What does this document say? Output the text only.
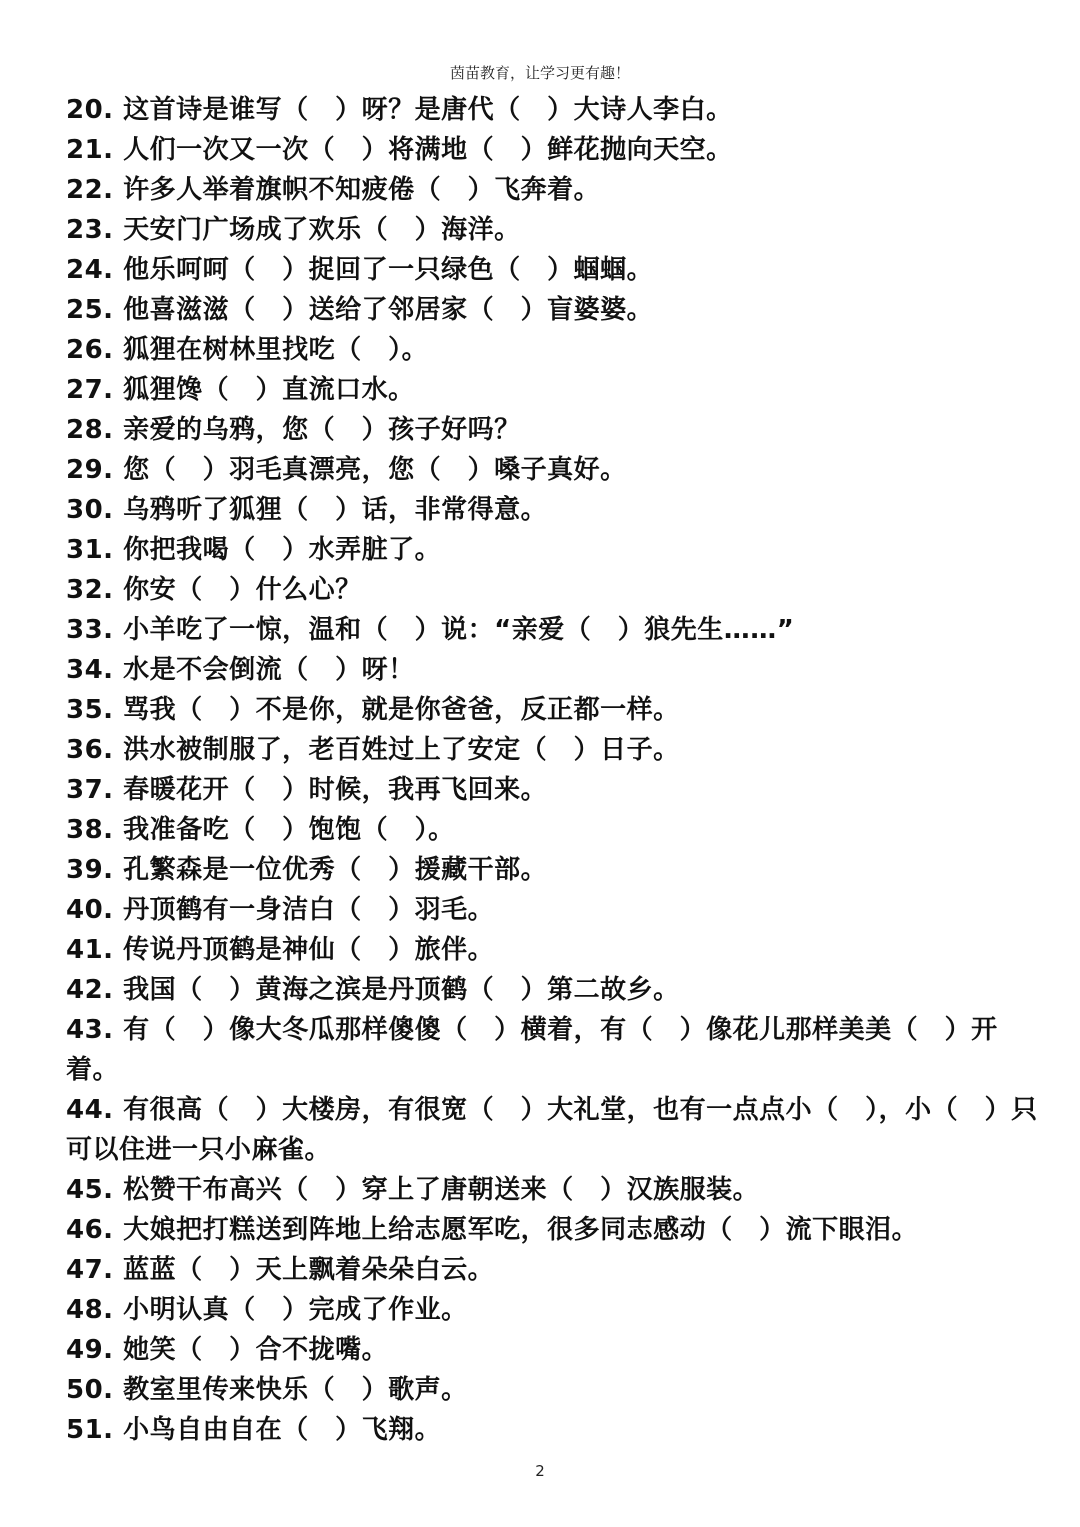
茵苗教育，让学习更有趣！
20. 这首诗是谁写（　）呀？是唐代（　）大诗人李白。
21. 人们一次又一次（　）将满地（　）鲜花抛向天空。
22. 许多人举着旗帜不知疲倦（　）飞奔着。
23. 天安门广场成了欢乐（　）海洋。
24. 他乐呵呵（　）捉回了一只绿色（　）蝈蝈。
25. 他喜滋滋（　）送给了邻居家（　）盲婆婆。
26. 狐狸在树林里找吃（　）。
27. 狐狸馋（　）直流口水。
28. 亲爱的乌鸦，您（　）孩子好吗？
29. 您（　）羽毛真漂亮，您（　）嗓子真好。
30. 乌鸦听了狐狸（　）话，非常得意。
31. 你把我喝（　）水弄脏了。
32. 你安（　）什么心？
33. 小羊吃了一惊，温和（　）说：“亲爱（　）狼先生……”
34. 水是不会倒流（　）呀！
35. 骂我（　）不是你，就是你爸爸，反正都一样。
36. 洪水被制服了，老百姓过上了安定（　）日子。
37. 春暖花开（　）时候，我再飞回来。
38. 我准备吃（　）饱饱（　）。
39. 孔繁森是一位优秀（　）援藏干部。
40. 丹顶鹤有一身洁白（　）羽毛。
41. 传说丹顶鹤是神仙（　）旅伴。
42. 我国（　）黄海之滨是丹顶鹤（　）第二故乡。
43. 有（　）像大冬瓜那样傻傻（　）横着，有（　）像花儿那样美美（　）开着。
44. 有很高（　）大楼房，有很宽（　）大礼堂，也有一点点小（　），小（　）只可以住进一只小麻雀。
45. 松赞干布高兴（　）穿上了唐朝送来（　）汉族服装。
46. 大娘把打糕送到阵地上给志愿军吃，很多同志感动（　）流下眼泪。
47. 蓝蓝（　）天上飘着朵朵白云。
48. 小明认真（　）完成了作业。
49. 她笑（　）合不拢嘴。
50. 教室里传来快乐（　）歌声。
51. 小鸟自由自在（　）飞翔。
2
